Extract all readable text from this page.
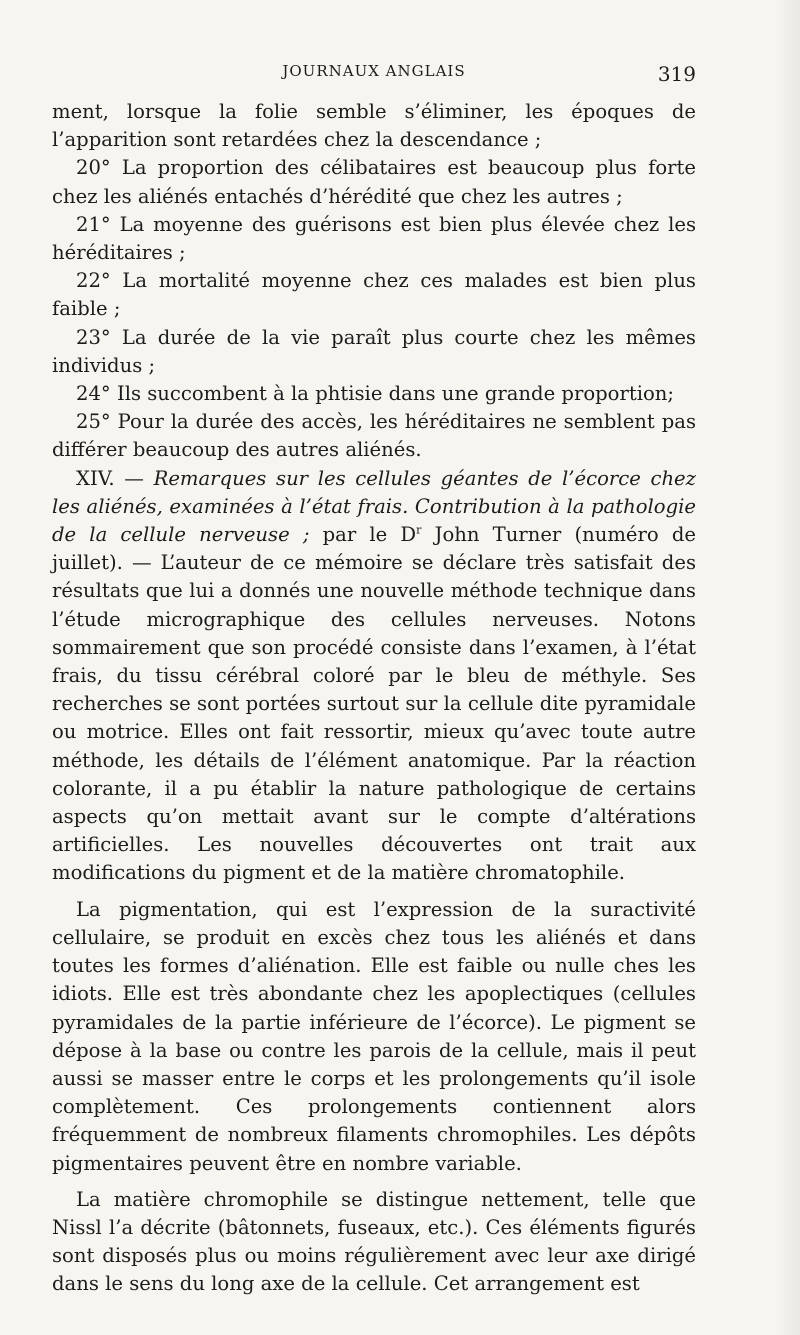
JOURNAUX ANGLAIS	319

ment, lorsque la folie semble s’éliminer, les époques de l’apparition sont retardées chez la descendance ;

20° La proportion des célibataires est beaucoup plus forte chez les aliénés entachés d’hérédité que chez les autres ;

21° La moyenne des guérisons est bien plus élevée chez les héréditaires ;

22° La mortalité moyenne chez ces malades est bien plus faible ;

23° La durée de la vie paraît plus courte chez les mêmes individus ;

24° Ils succombent à la phtisie dans une grande proportion;

25° Pour la durée des accès, les héréditaires ne semblent pas différer beaucoup des autres aliénés.

XIV. — Remarques sur les cellules géantes de l’écorce chez les aliénés, examinées à l’état frais. Contribution à la pathologie de la cellule nerveuse ; par le $D^r$ John Turner (numéro de juillet). — L’auteur de ce mémoire se déclare très satisfait des résultats que lui a donnés une nouvelle méthode technique dans l’étude micrographique des cellules nerveuses. Notons sommairement que son procédé consiste dans l’examen, à l’état frais, du tissu cérébral coloré par le bleu de méthyle. Ses recherches se sont portées surtout sur la cellule dite pyramidale ou motrice. Elles ont fait ressortir, mieux qu’avec toute autre méthode, les détails de l’élément anatomique. Par la réaction colorante, il a pu établir la nature pathologique de certains aspects qu’on mettait avant sur le compte d’altérations artificielles. Les nouvelles découvertes ont trait aux modifications du pigment et de la matière chromatophile.

La pigmentation, qui est l’expression de la suractivité cellulaire, se produit en excès chez tous les aliénés et dans toutes les formes d’aliénation. Elle est faible ou nulle ches les idiots. Elle est très abondante chez les apoplectiques (cellules pyramidales de la partie inférieure de l’écorce). Le pigment se dépose à la base ou contre les parois de la cellule, mais il peut aussi se masser entre le corps et les prolongements qu’il isole complètement. Ces prolongements contiennent alors fréquemment de nombreux filaments chromophiles. Les dépôts pigmentaires peuvent être en nombre variable.

La matière chromophile se distingue nettement, telle que Nissl l’a décrite (bâtonnets, fuseaux, etc.). Ces éléments figurés sont disposés plus ou moins régulièrement avec leur axe dirigé dans le sens du long axe de la cellule. Cet arrangement est
